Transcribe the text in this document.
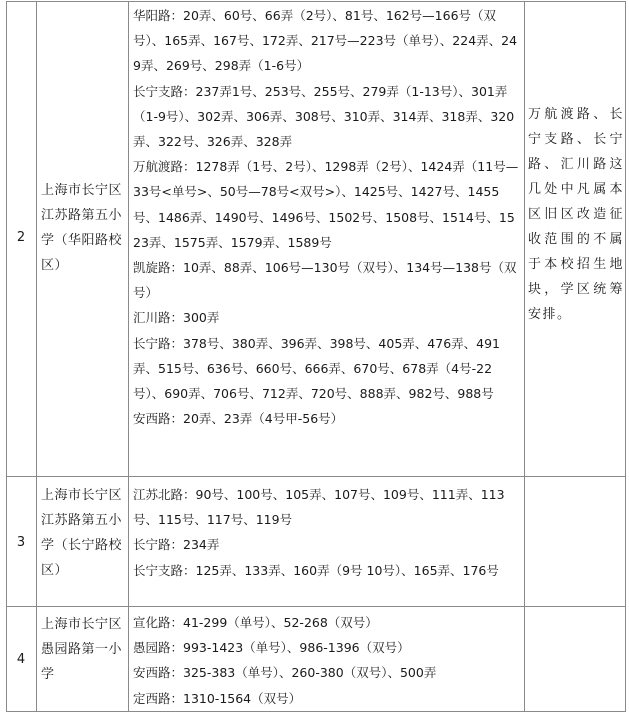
2
上海市长宁区江苏路第五小学（华阳路校区）
华阳路：20弄、60号、66弄（2号）、81号、162号—166号（双号）、165弄、167号、172弄、217号—223号（单号）、224弄、249弄、269号、298弄（1-6号）
长宁支路：237弄1号、253号、255号、279弄（1-13号）、301弄（1-9号）、302弄、306弄、308号、310弄、314弄、318弄、320弄、322号、326弄、328弄
万航渡路：1278弄（1号、2号）、1298弄（2号）、1424弄（11号—33号<单号>、50号—78号<双号>）、1425号、1427号、1455号、1486弄、1490号、1496号、1502号、1508号、1514号、1523弄、1575弄、1579弄、1589号
凯旋路：10弄、88弄、106号—130号（双号）、134号—138号（双号）
汇川路：300弄
长宁路：378号、380弄、396弄、398号、405弄、476弄、491弄、515号、636号、660号、666弄、670号、678弄（4号-22号）、690弄、706号、712弄、720号、888弄、982号、988号
安西路：20弄、23弄（4号甲-56号）
万航渡路、长宁支路、长宁路、汇川路这几处中凡属本区旧区改造征收范围的不属于本校招生地块，学区统筹安排。
3
上海市长宁区江苏路第五小学（长宁路校区）
江苏北路：90号、100号、105弄、107号、109号、111弄、113号、115号、117号、119号
长宁路：234弄
长宁支路：125弄、133弄、160弄（9号 10号）、165弄、176号
4
上海市长宁区愚园路第一小学
宣化路：41-299（单号）、52-268（双号）
愚园路：993-1423（单号）、986-1396（双号）
安西路：325-383（单号）、260-380（双号）、500弄
定西路：1310-1564（双号）
